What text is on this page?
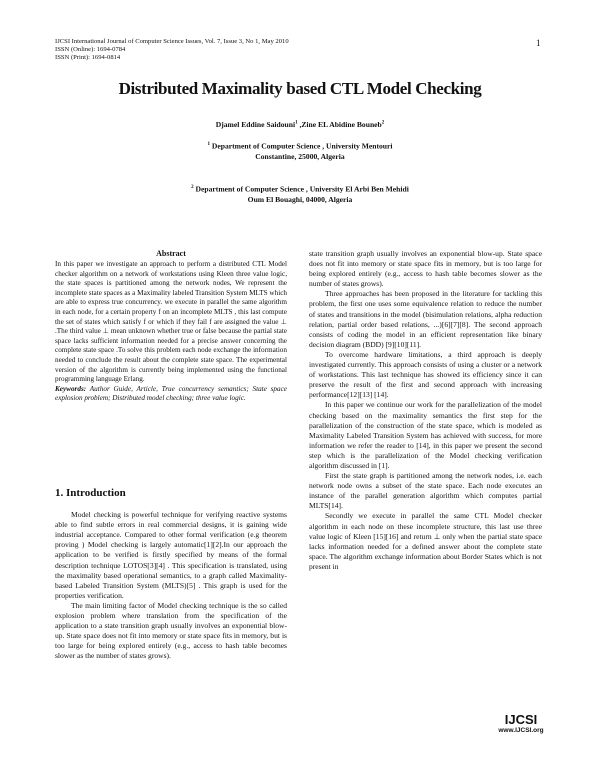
IJCSI International Journal of Computer Science Issues, Vol. 7, Issue 3, No 1, May 2010
ISSN (Online): 1694-0784
ISSN (Print): 1694-0814
1
Distributed Maximality based CTL Model Checking
Djamel Eddine Saidouni$^1$ ,Zine EL Abidine Bouneb$^2$
$^1$ Department of Computer Science , University Mentouri
Constantine, 25000, Algeria
$^2$ Department of Computer Science , University El Arbi Ben Mehidi
Oum El Bouaghi, 04000, Algeria
Abstract

In this paper we investigate an approach to perform a distributed CTL Model checker algorithm on a network of workstations using Kleen three value logic, the state spaces is partitioned among the network nodes, We represent the incomplete state spaces as a Maximality labeled Transition System MLTS which are able to express true concurrency. we execute in parallel the same algorithm in each node, for a certain property f on an incomplete MLTS , this last compute the set of states which satisfy f or which if they fail f are assigned the value ⊥ .The third value ⊥ mean unknown whether true or false because the partial state space lacks sufficient information needed for a precise answer concerning the complete state space .To solve this problem each node exchange the information needed to conclude the result about the complete state space. The experimental version of the algorithm is currently being implemented using the functional programming language Erlang.

Keywords: Author Guide, Article, True concurrency semantics; State space explosion problem; Distributed model checking; three value logic.

1. Introduction

Model checking is powerful technique for verifying reactive systems able to find subtle errors in real commercial designs, it is gaining wide industrial acceptance. Compared to other formal verification (e.g theorem proving ) Model checking is largely automatic[1][2].In our approach the application to be verified is firstly specified by means of the formal description technique LOTOS[3][4] . This specification is translated, using the maximality based operational semantics, to a graph called Maximality-based Labeled Transition System (MLTS)[5] . This graph is used for the properties verification.

The main limiting factor of Model checking technique is the so called explosion problem where translation from the specification of the application to a state transition graph usually involves an exponential blow-up. State space does not fit into memory or state space fits in memory, but is too large for being explored entirely (e.g., access to hash table becomes slower as the number of states grows).

state transition graph usually involves an exponential blow-up. State space does not fit into memory or state space fits in memory, but is too large for being explored entirely (e.g., access to hash table becomes slower as the number of states grows).

Three approaches has been proposed in the literature for tackling this problem, the first one uses some equivalence relation to reduce the number of states and transitions in the model (bisimulation relations, alpha reduction relation, partial order based relations, ...)[6][7][8]. The second approach consists of coding the model in an efficient representation like binary decision diagram (BDD) [9][10][11].

To overcome hardware limitations, a third approach is deeply investigated currently. This approach consists of using a cluster or a network of workstations. This last technique has showed its efficiency since it can preserve the result of the first and second approach with increasing performance[12][13] [14].

In this paper we continue our work for the parallelization of the model checking based on the maximality semantics the first step for the parallelization of the construction of the state space, which is modeled as Maximality Labeled Transition System has achieved with success, for more information we refer the reader to [14], in this paper we present the second step which is the parallelization of the Model checking verification algorithm discussed in [1].

First the state graph is partitioned among the network nodes, i.e. each network node owns a subset of the state space. Each node executes an instance of the parallel generation algorithm which computes partial MLTS[14].

Secondly we execute in parallel the same CTL Model checker algorithm in each node on these incomplete structure, this last use three value logic of Kleen [15][16] and return ⊥ only when the partial state space lacks information needed for a defined answer about the complete state space. The algorithm exchange information about Border States which is not present in

IJCSI
www.IJCSI.org
